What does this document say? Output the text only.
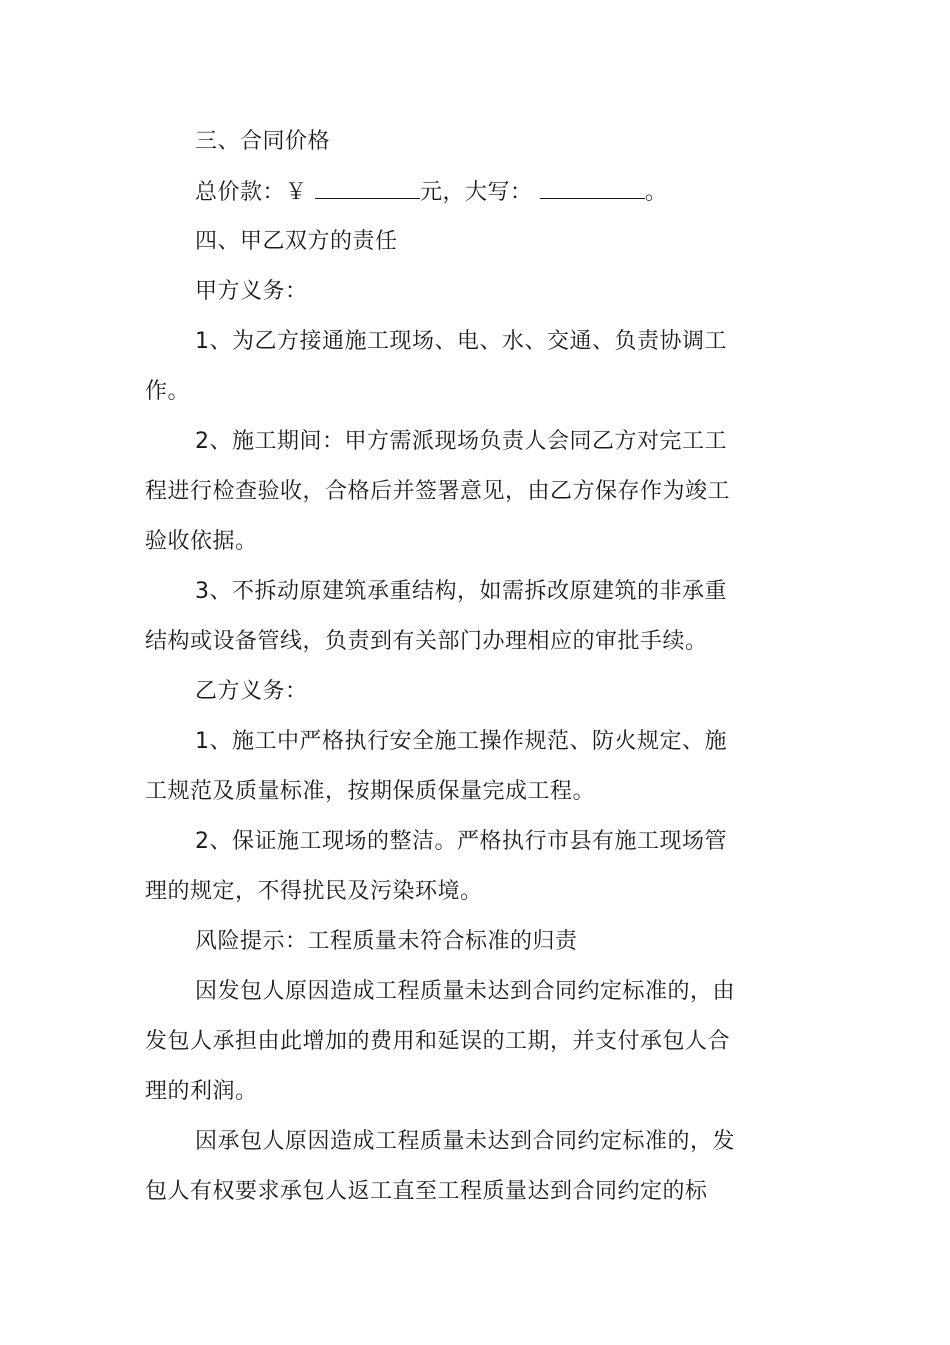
三、合同价格
总价款：￥	元，大写：	。
四、甲乙双方的责任
甲方义务：
1、为乙方接通施工现场、电、水、交通、负责协调工
作。
2、施工期间：甲方需派现场负责人会同乙方对完工工
程进行检查验收，合格后并签署意见，由乙方保存作为竣工
验收依据。
3、不拆动原建筑承重结构，如需拆改原建筑的非承重
结构或设备管线，负责到有关部门办理相应的审批手续。
乙方义务：
1、施工中严格执行安全施工操作规范、防火规定、施
工规范及质量标准，按期保质保量完成工程。
2、保证施工现场的整洁。严格执行市县有施工现场管
理的规定，不得扰民及污染环境。
风险提示：工程质量未符合标准的归责
因发包人原因造成工程质量未达到合同约定标准的，由
发包人承担由此增加的费用和延误的工期，并支付承包人合
理的利润。
因承包人原因造成工程质量未达到合同约定标准的，发
包人有权要求承包人返工直至工程质量达到合同约定的标
